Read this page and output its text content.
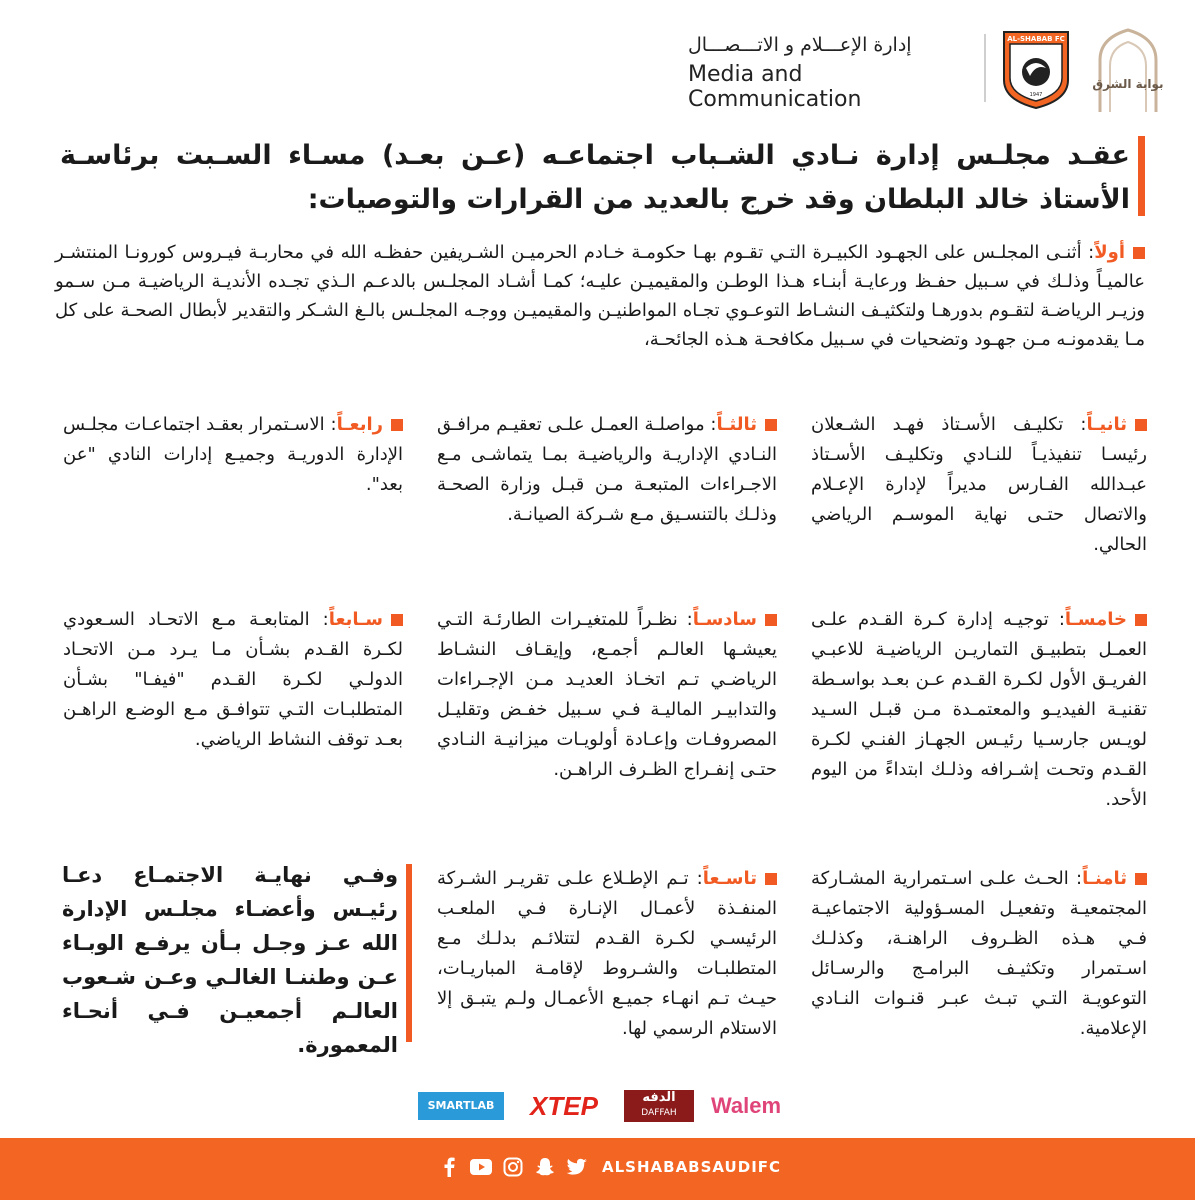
إدارة الإعـــلام و الاتـــصـــال
Media and Communication
AL-SHABAB FC
1947
بوابة الشرق
عقـد مجلـس إدارة نـادي الشـباب اجتماعـه (عـن بعـد) مسـاء السـبت برئاسـة الأستاذ خالد البلطان وقد خرج بالعديد من القرارات والتوصيات:

أولاً: أثنـى المجلـس على الجهـود الكبيـرة التـي تقـوم بهـا حكومـة خـادم الحرميـن الشـريفين حفظـه الله في محاربـة فيـروس كورونـا المنتشـر عالميـاً وذلـك في سـبيل حفـظ ورعايـة أبنـاء هـذا الوطـن والمقيميـن عليـه؛ كمـا أشـاد المجلـس بالدعـم الـذي تجـده الأنديـة الرياضيـة مـن سـمو وزيـر الرياضـة لتقـوم بدورهـا ولتكثيـف النشـاط التوعـوي تجـاه المواطنيـن والمقيميـن ووجـه المجلـس بالـغ الشـكر والتقدير لأبطال الصحـة على كل مـا يقدمونـه مـن جهـود وتضحيات في سـبيل مكافحـة هـذه الجائحـة،

ثانيـاً: تكليـف الأسـتاذ فهـد الشـعلان رئيسـا تنفيذيـاً للنـادي وتكليـف الأسـتاذ عبـدالله الفـارس مديراً لإدارة الإعـلام والاتصال حتـى نهاية الموسـم الرياضي الحالي.

ثالثـاً: مواصلـة العمـل علـى تعقيـم مرافـق النـادي الإداريـة والرياضيـة بمـا يتماشـى مـع الاجـراءات المتبعـة مـن قبـل وزارة الصحـة وذلـك بالتنسـيق مـع شـركة الصيانـة.

رابعـاً: الاسـتمرار بعقـد اجتماعـات مجلـس الإدارة الدوريـة وجميـع إدارات النادي "عن بعد".

خامسـاً: توجيـه إدارة كـرة القـدم علـى العمـل بتطبيـق التماريـن الرياضيـة للاعبـي الفريـق الأول لكـرة القـدم عـن بعـد بواسـطة تقنيـة الفيديـو والمعتمـدة مـن قبـل السـيد لويـس جارسـيا رئيـس الجهـاز الفنـي لكـرة القـدم وتحـت إشـرافه وذلـك ابتداءً من اليوم الأحد.

سادسـاً: نظـراً للمتغيـرات الطارئـة التـي يعيشـها العالـم أجمـع، وإيقـاف النشـاط الرياضـي تـم اتخـاذ العديـد مـن الإجـراءات والتدابيـر الماليـة فـي سـبيل خفـض وتقليـل المصروفـات وإعـادة أولويـات ميزانيـة النـادي حتـى إنفـراج الظـرف الراهـن.

سـابعاً: المتابعـة مـع الاتحـاد السـعودي لكـرة القـدم بشـأن مـا يـرد مـن الاتحـاد الدولـي لكـرة القـدم "فيفـا" بشـأن المتطلبـات التـي تتوافـق مـع الوضـع الراهـن بعـد توقف النشاط الرياضي.

ثامنـاً: الحـث علـى اسـتمرارية المشـاركة المجتمعيـة وتفعيـل المسـؤولية الاجتماعيـة فـي هـذه الظـروف الراهنـة، وكذلـك اسـتمرار وتكثيـف البرامـج والرسـائل التوعويـة التـي تبـث عبـر قنـوات النـادي الإعلامية.

تاسـعاً: تـم الإطـلاع علـى تقريـر الشـركة المنفـذة لأعمـال الإنـارة فـي الملعـب الرئيسـي لكـرة القـدم لتتلائـم بدلـك مـع المتطلبـات والشـروط لإقامـة المباريـات، حيـث تـم انهـاء جميـع الأعمـال ولـم يتبـق إلا الاستلام الرسمي لها.

وفـي نهايـة الاجتمـاع دعـا رئيـس وأعضـاء مجلـس الإدارة الله عـز وجـل بـأن يرفـع الوبـاء عـن وطننـا الغالـي وعـن شـعوب العالـم أجمعيـن فـي أنحـاء المعمورة.
SMARTLAB	XTEP	الدفه
DAFFAH	Walem
ALSHABABSAUDIFC
